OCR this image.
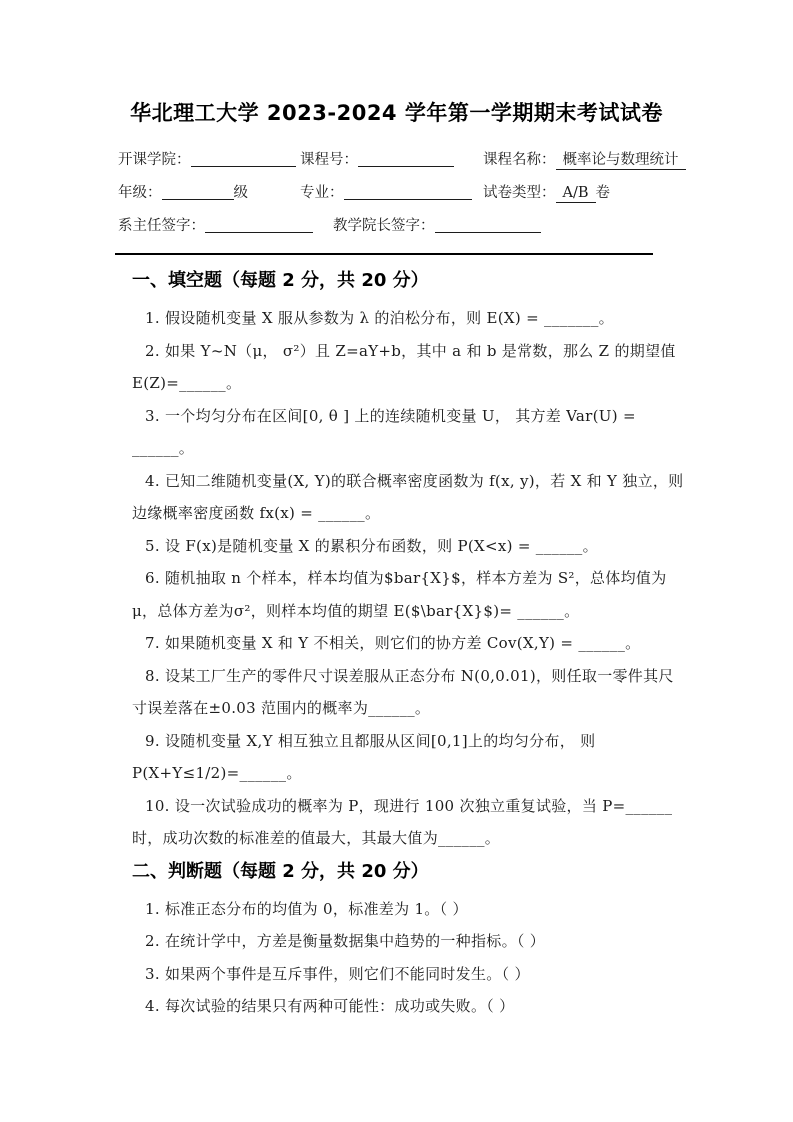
华北理工大学 2023-2024 学年第一学期期末考试试卷
开课学院：	课程号：	课程名称： 概率论与数理统计
年级：	级	专业：	试卷类型： A/B 卷
系主任签字：	教学院长签字：
一、填空题（每题 2 分，共 20 分）

1. 假设随机变量 X 服从参数为 λ 的泊松分布，则 E(X) = _______。

2. 如果 Y~N（μ， σ²）且 Z=aY+b，其中 a 和 b 是常数，那么 Z 的期望值E(Z)=______。

3. 一个均匀分布在区间[0, θ ] 上的连续随机变量 U， 其方差 Var(U) = ______。

4. 已知二维随机变量(X, Y)的联合概率密度函数为 f(x, y)，若 X 和 Y 独立，则边缘概率密度函数 fx(x) = ______。

5. 设 F(x)是随机变量 X 的累积分布函数，则 P(X<x) = ______。

6. 随机抽取 n 个样本，样本均值为$bar{X}$，样本方差为 S²，总体均值为 μ，总体方差为σ²，则样本均值的期望 E($\bar{X}$)= ______。

7. 如果随机变量 X 和 Y 不相关，则它们的协方差 Cov(X,Y) = ______。

8. 设某工厂生产的零件尺寸误差服从正态分布 N(0,0.01)，则任取一零件其尺寸误差落在±0.03 范围内的概率为______。

9. 设随机变量 X,Y 相互独立且都服从区间[0,1]上的均匀分布， 则 P(X+Y≤1/2)=______。

10. 设一次试验成功的概率为 P，现进行 100 次独立重复试验，当 P=______时，成功次数的标准差的值最大，其最大值为______。

二、判断题（每题 2 分，共 20 分）

1. 标准正态分布的均值为 0，标准差为 1。（ ）

2. 在统计学中，方差是衡量数据集中趋势的一种指标。（ ）

3. 如果两个事件是互斥事件，则它们不能同时发生。（ ）

4. 每次试验的结果只有两种可能性：成功或失败。（ ）
